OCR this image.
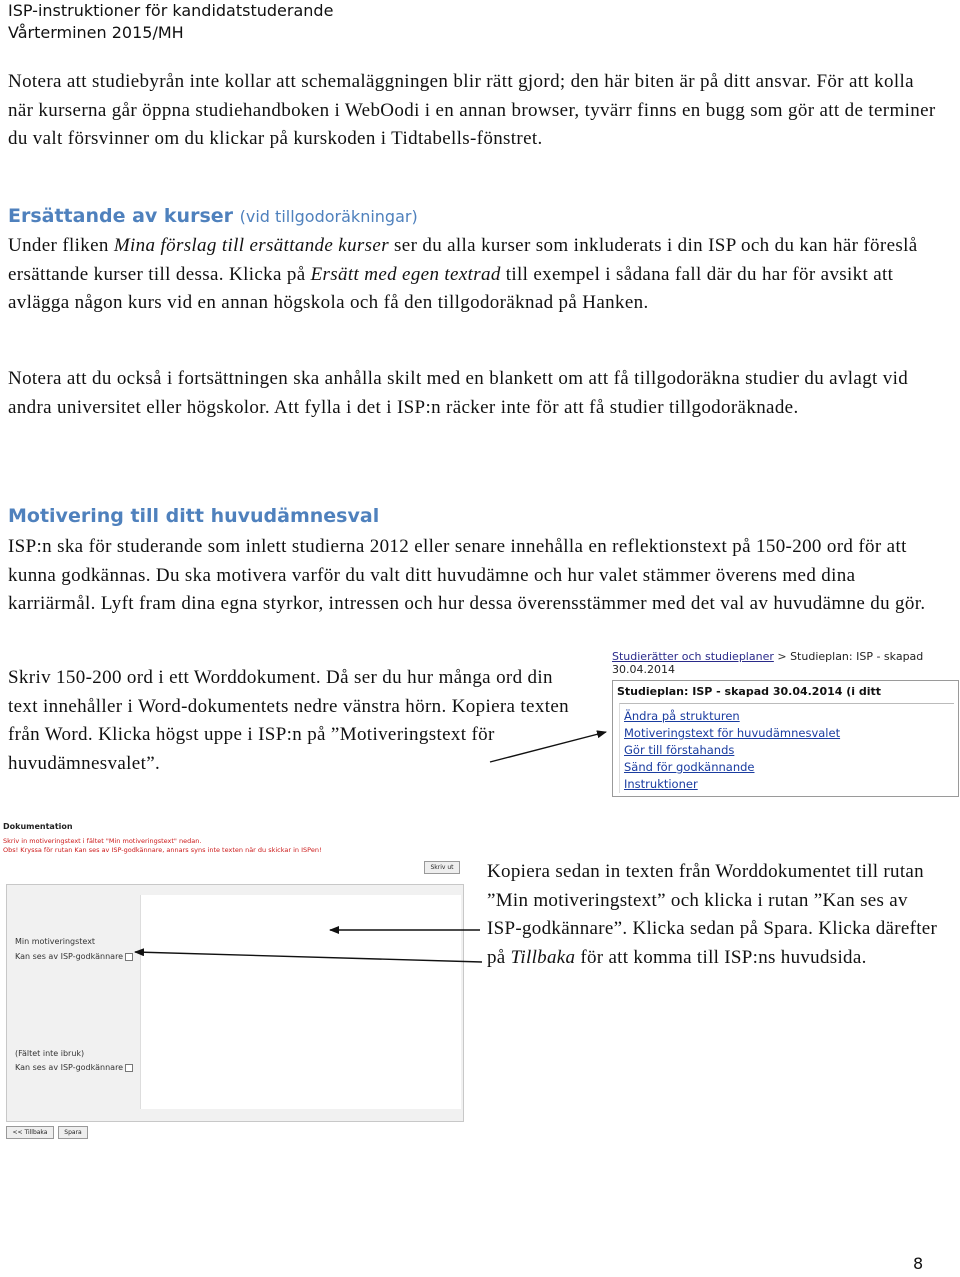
ISP-instruktioner för kandidatstuderande
Vårterminen 2015/MH
Notera att studiebyrån inte kollar att schemaläggningen blir rätt gjord; den här biten är på ditt ansvar. För att kolla när kurserna går öppna studiehandboken i WebOodi i en annan browser, tyvärr finns en bugg som gör att de terminer du valt försvinner om du klickar på kurskoden i Tidtabells-fönstret.
Ersättande av kurser (vid tillgodoräkningar)
Under fliken Mina förslag till ersättande kurser ser du alla kurser som inkluderats i din ISP och du kan här föreslå ersättande kurser till dessa. Klicka på Ersätt med egen textrad till exempel i sådana fall där du har för avsikt att avlägga någon kurs vid en annan högskola och få den tillgodoräknad på Hanken.
Notera att du också i fortsättningen ska anhålla skilt med en blankett om att få tillgodoräkna studier du avlagt vid andra universitet eller högskolor. Att fylla i det i ISP:n räcker inte för att få studier tillgodoräknade.
Motivering till ditt huvudämnesval
ISP:n ska för studerande som inlett studierna 2012 eller senare innehålla en reflektionstext på 150-200 ord för att kunna godkännas. Du ska motivera varför du valt ditt huvudämne och hur valet stämmer överens med dina karriärmål. Lyft fram dina egna styrkor, intressen och hur dessa överensstämmer med det val av huvudämne du gör.
Skriv 150-200 ord i ett Worddokument. Då ser du hur många ord din text innehåller i Word-dokumentets nedre vänstra hörn. Kopiera texten från Word. Klicka högst uppe i ISP:n på ”Motiveringstext för huvudämnesvalet”.
Studierätter och studieplaner > Studieplan: ISP - skapad 30.04.2014
Studieplan: ISP - skapad 30.04.2014 (i ditt
Ändra på strukturen
Motiveringstext för huvudämnesvalet
Gör till förstahands
Sänd för godkännande
Instruktioner
Dokumentation
Skriv in motiveringstext i fältet "Min motiveringstext" nedan.
Obs! Kryssa för rutan Kan ses av ISP-godkännare, annars syns inte texten när du skickar in ISPen!
Skriv ut
Min motiveringstext
Kan ses av ISP-godkännare
(Fältet inte ibruk)
Kan ses av ISP-godkännare
<< Tillbaka	Spara
Kopiera sedan in texten från Worddokumentet till rutan ”Min motiveringstext” och klicka i rutan ”Kan ses av ISP-godkännare”. Klicka sedan på Spara. Klicka därefter på Tillbaka för att komma till ISP:ns huvudsida.
8
